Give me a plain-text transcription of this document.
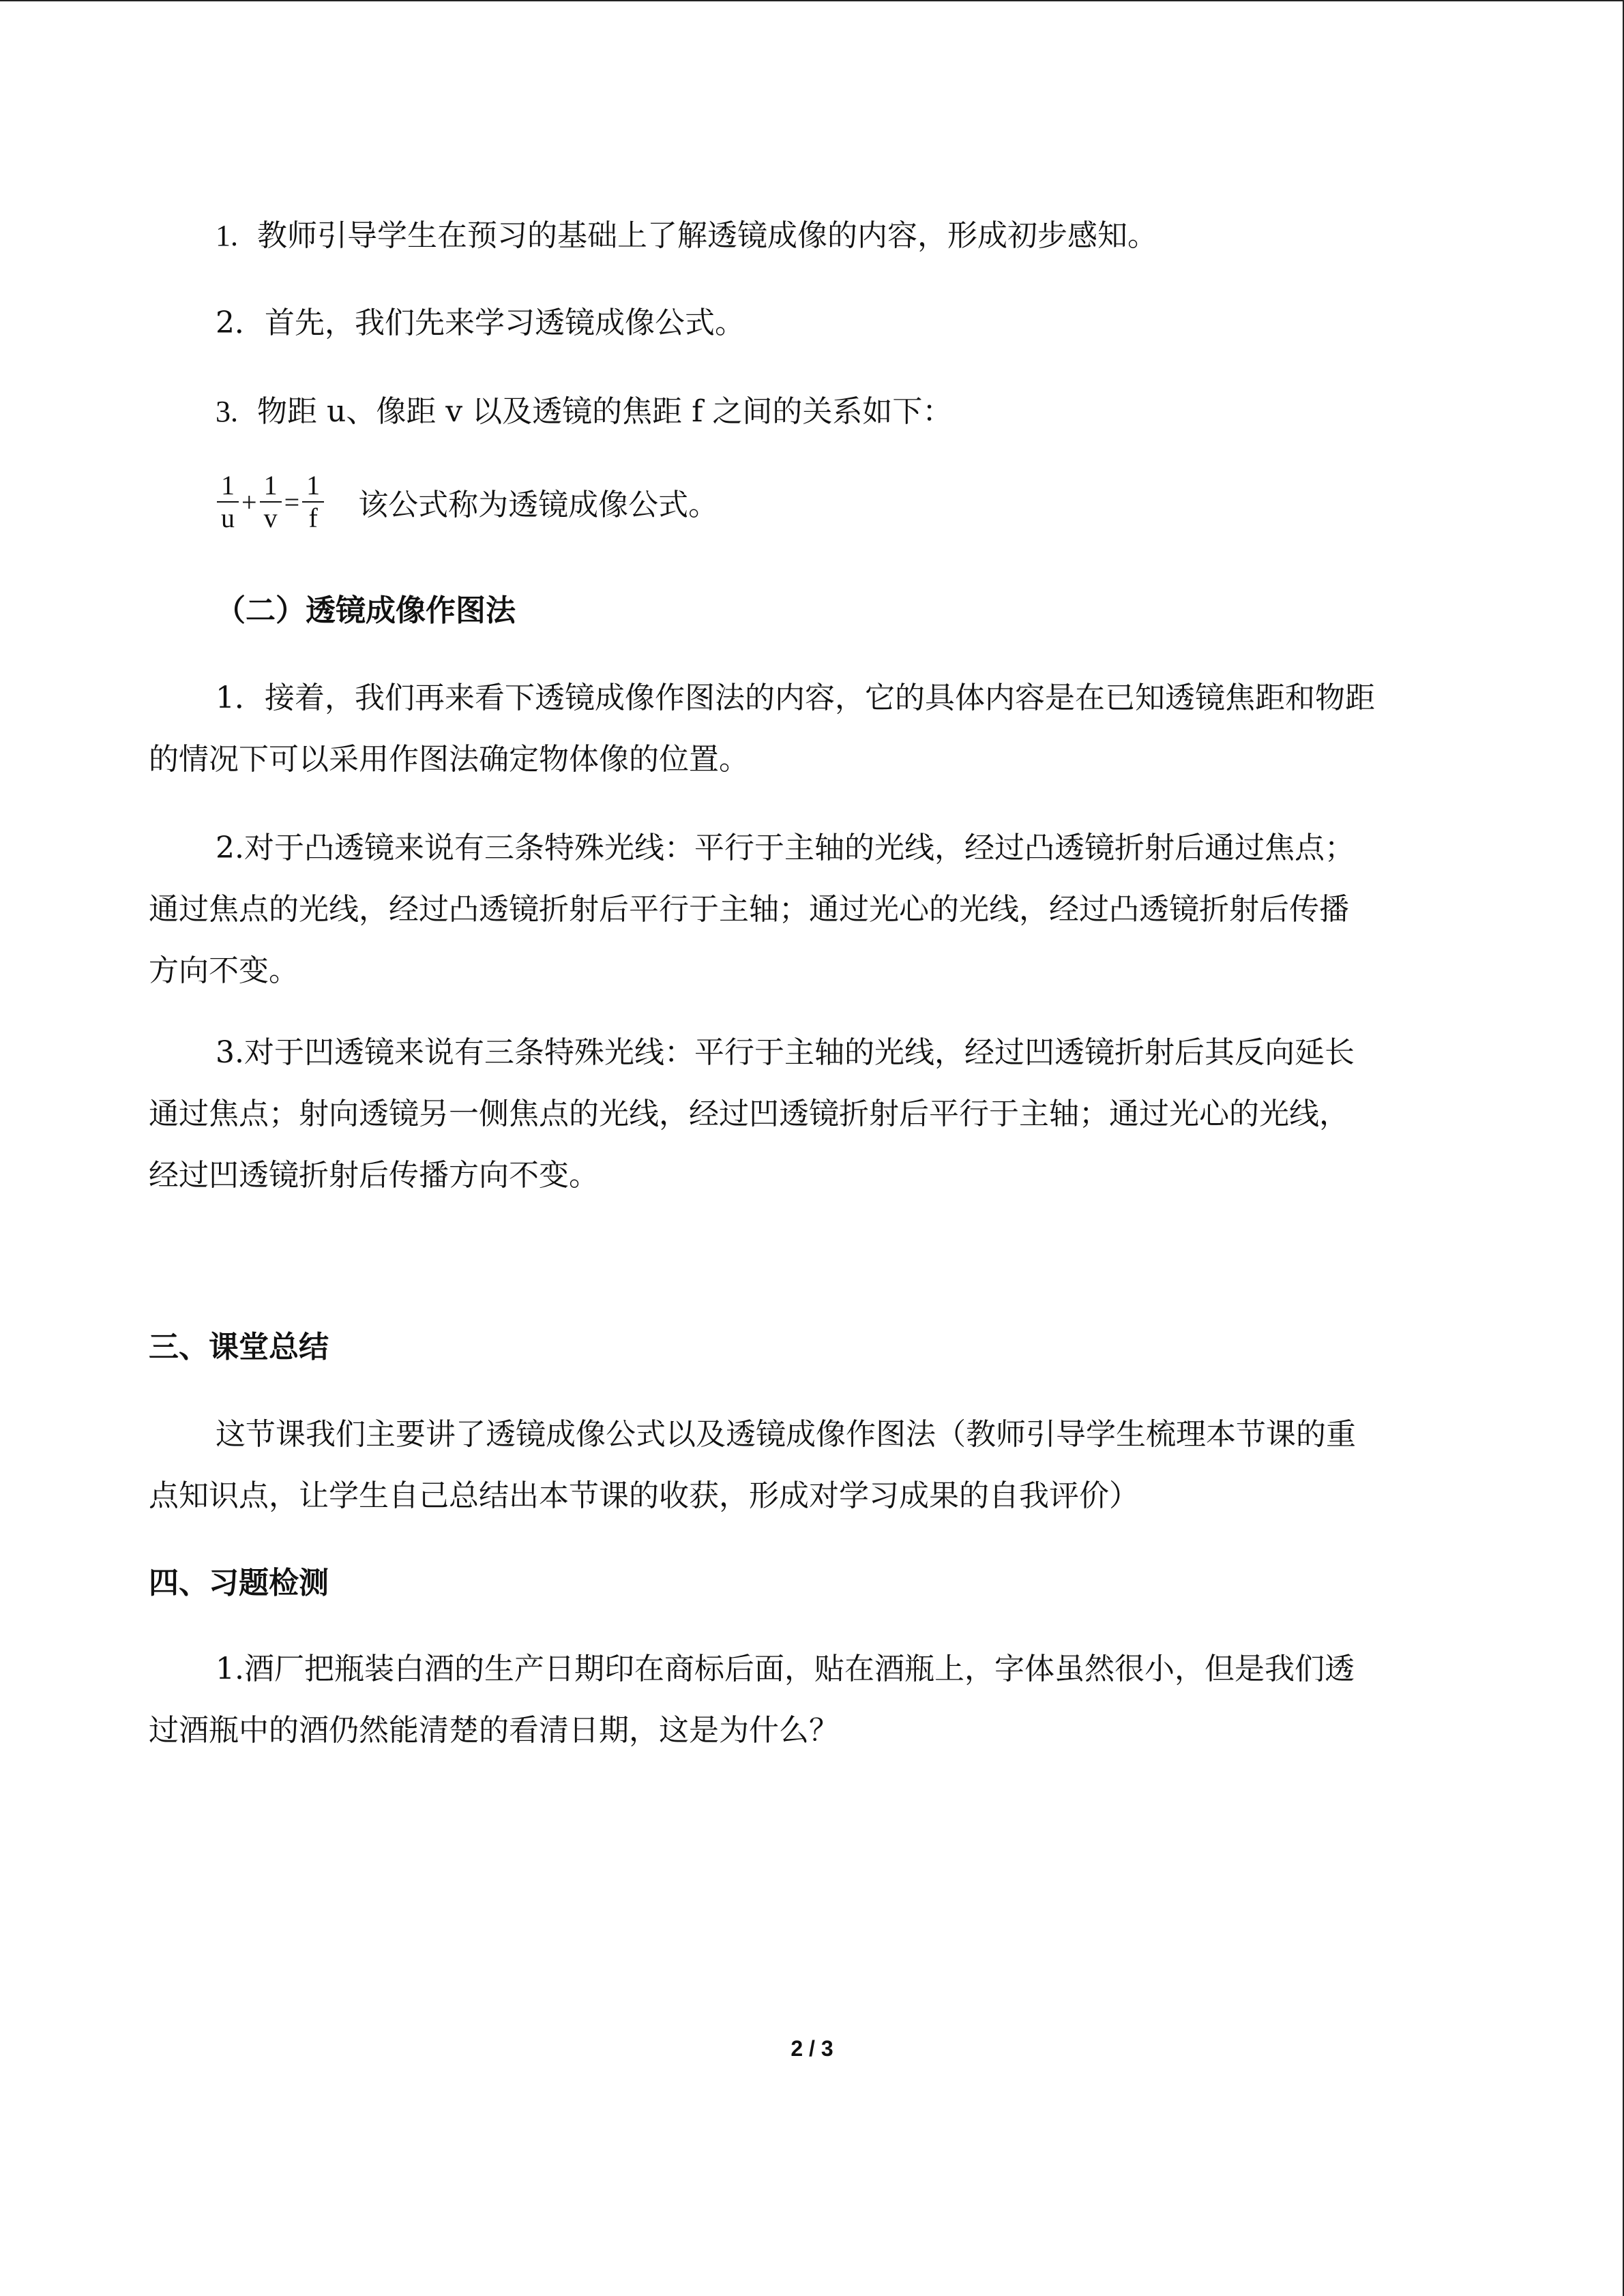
1. 教师引导学生在预习的基础上了解透镜成像的内容，形成初步感知。
2．首先，我们先来学习透镜成像公式。
3. 物距 u、像距 v 以及透镜的焦距 f 之间的关系如下：
$\frac{1}{u} + \frac{1}{v} = \frac{1}{f}$ 该公式称为透镜成像公式。
（二）透镜成像作图法
1．接着，我们再来看下透镜成像作图法的内容，它的具体内容是在已知透镜焦距和物距
的情况下可以采用作图法确定物体像的位置。
2.对于凸透镜来说有三条特殊光线：平行于主轴的光线，经过凸透镜折射后通过焦点；
通过焦点的光线，经过凸透镜折射后平行于主轴；通过光心的光线，经过凸透镜折射后传播
方向不变。
3.对于凹透镜来说有三条特殊光线：平行于主轴的光线，经过凹透镜折射后其反向延长
通过焦点；射向透镜另一侧焦点的光线，经过凹透镜折射后平行于主轴；通过光心的光线，
经过凹透镜折射后传播方向不变。
三、课堂总结
这节课我们主要讲了透镜成像公式以及透镜成像作图法（教师引导学生梳理本节课的重
点知识点，让学生自己总结出本节课的收获，形成对学习成果的自我评价）
四、习题检测
1.酒厂把瓶装白酒的生产日期印在商标后面，贴在酒瓶上，字体虽然很小，但是我们透
过酒瓶中的酒仍然能清楚的看清日期，这是为什么？
2 / 3
